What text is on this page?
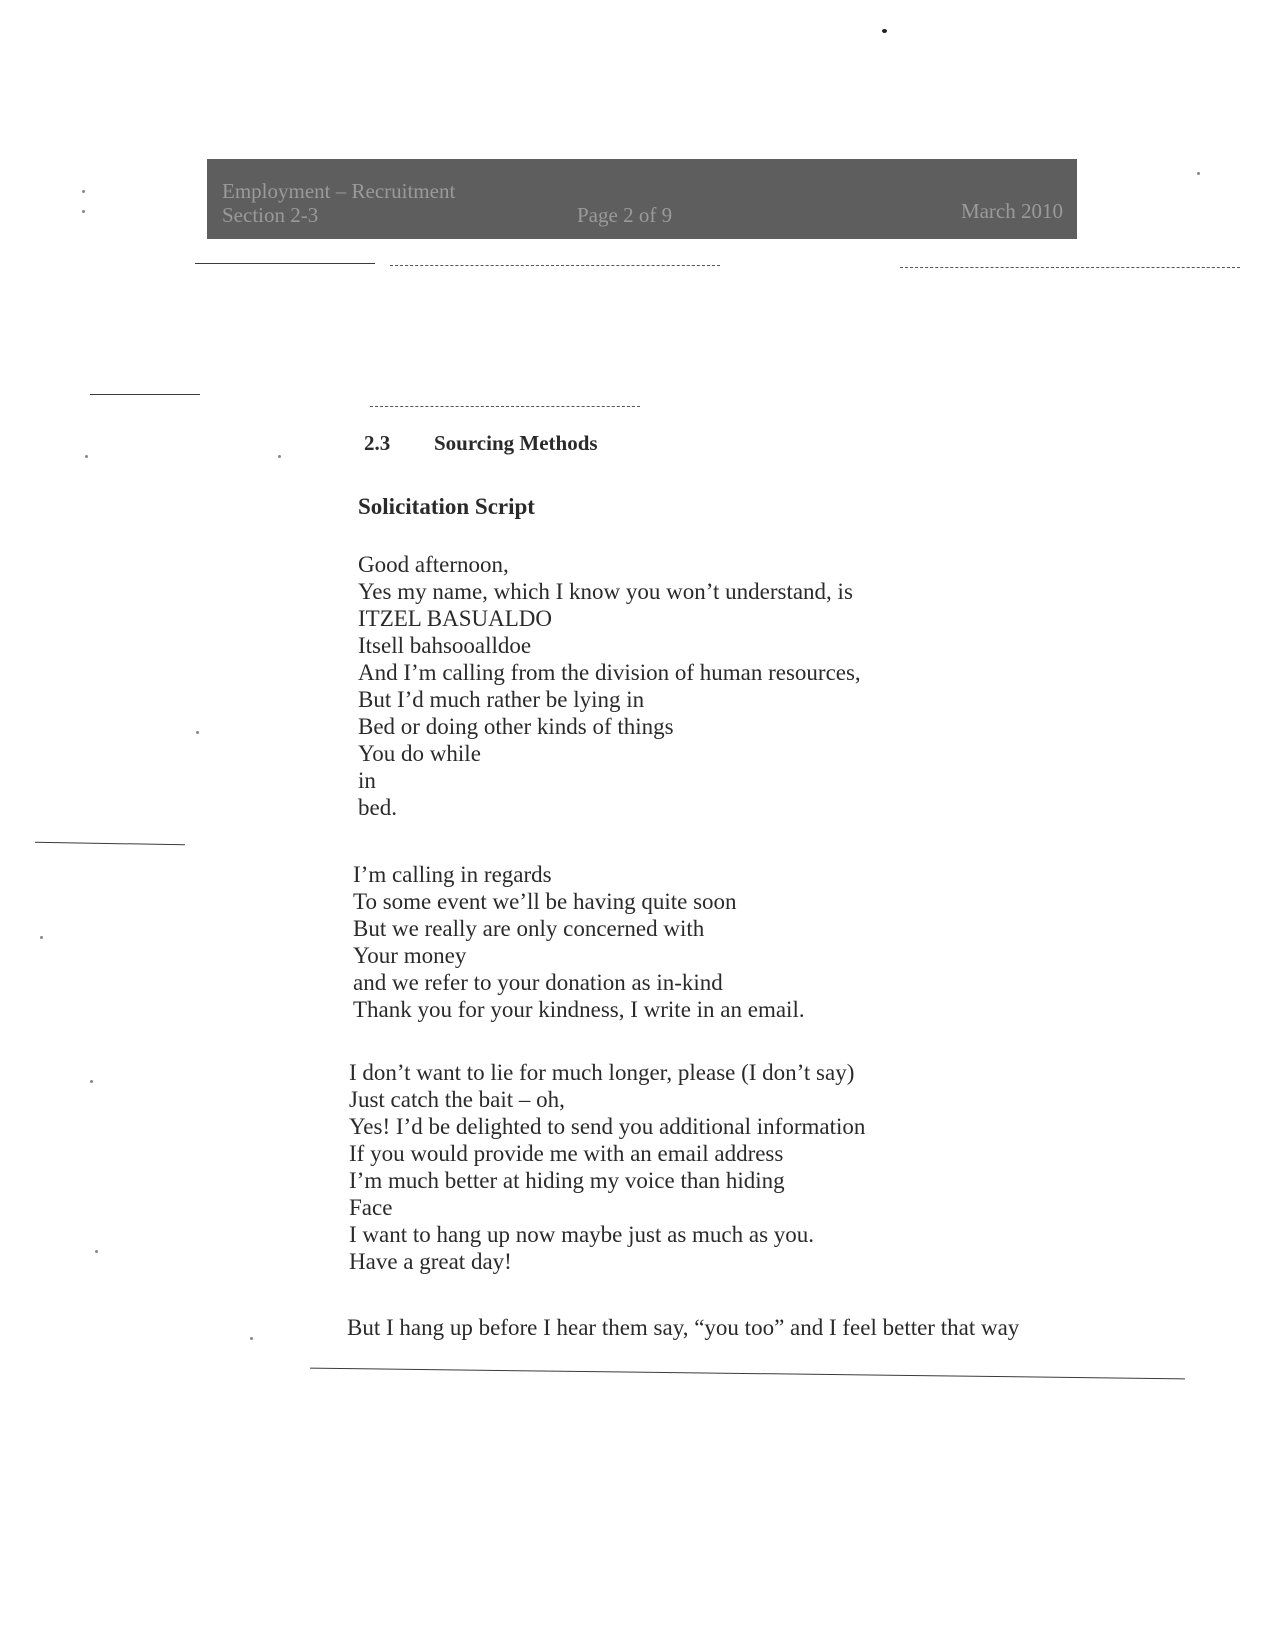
Employment – Recruitment
Section 2-3	Page 2 of 9	March 2010
2.3 Sourcing Methods
Solicitation Script
Good afternoon,
Yes my name, which I know you won’t understand, is
ITZEL BASUALDO
Itsell bahsooalldoe
And I’m calling from the division of human resources,
But I’d much rather be lying in
Bed or doing other kinds of things
You do while
in
bed.
I’m calling in regards
To some event we’ll be having quite soon
But we really are only concerned with
Your money
and we refer to your donation as in-kind
Thank you for your kindness, I write in an email.
I don’t want to lie for much longer, please (I don’t say)
Just catch the bait – oh,
Yes! I’d be delighted to send you additional information
If you would provide me with an email address
I’m much better at hiding my voice than hiding
Face
I want to hang up now maybe just as much as you.
Have a great day!
But I hang up before I hear them say, “you too” and I feel better that way
